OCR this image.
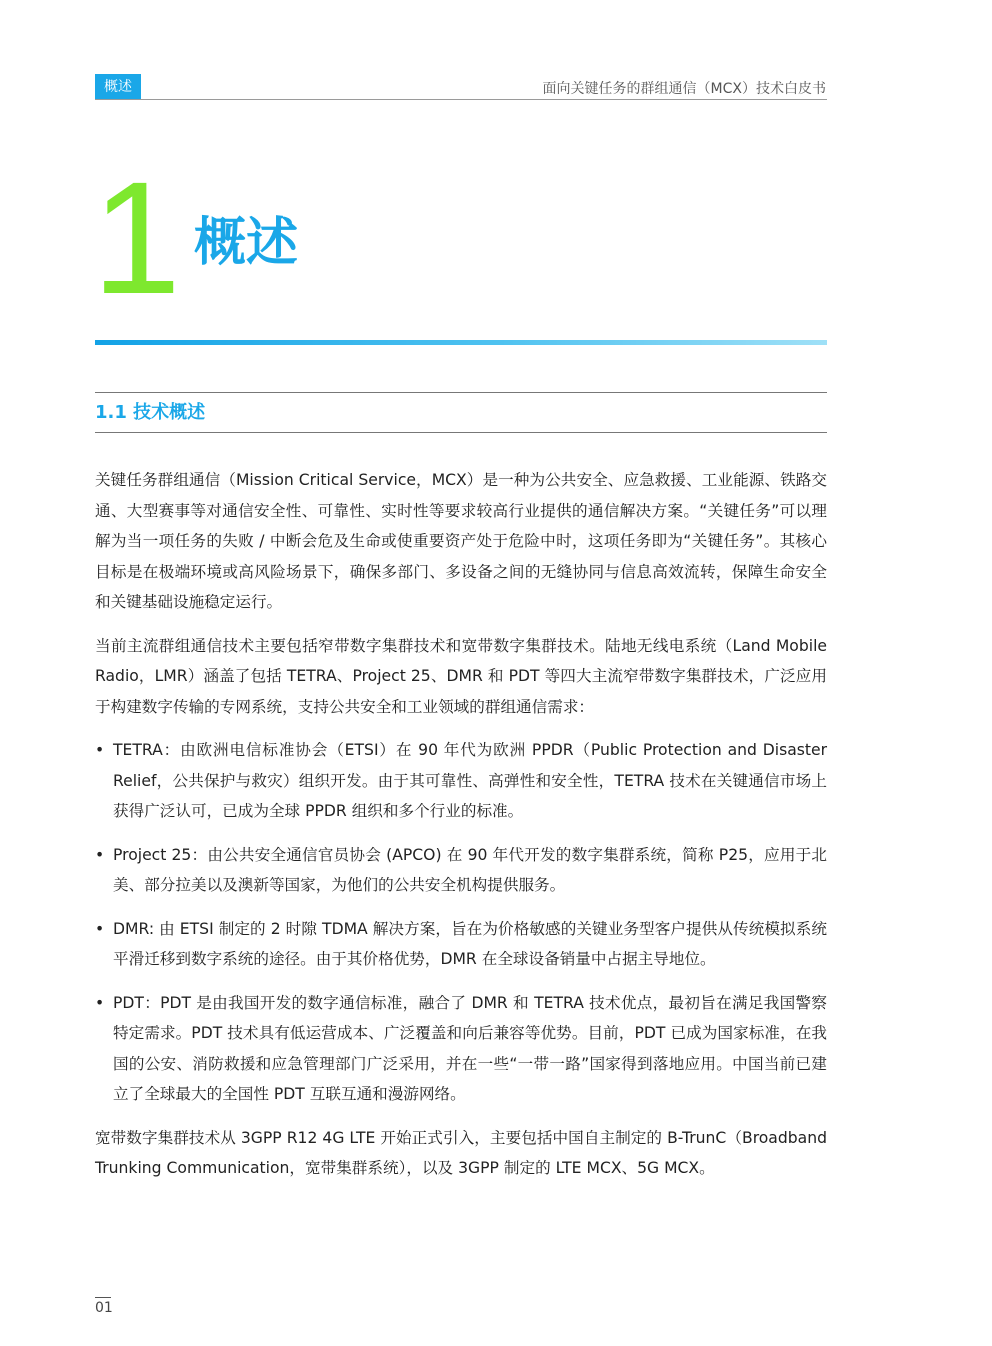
概述	面向关键任务的群组通信（MCX）技术白皮书
1 概述
1.1 技术概述

关键任务群组通信（Mission Critical Service，MCX）是一种为公共安全、应急救援、工业能源、铁路交通、大型赛事等对通信安全性、可靠性、实时性等要求较高行业提供的通信解决方案。“关键任务”可以理解为当一项任务的失败 / 中断会危及生命或使重要资产处于危险中时，这项任务即为“关键任务”。其核心目标是在极端环境或高风险场景下，确保多部门、多设备之间的无缝协同与信息高效流转，保障生命安全和关键基础设施稳定运行。

当前主流群组通信技术主要包括窄带数字集群技术和宽带数字集群技术。陆地无线电系统（Land Mobile Radio，LMR）涵盖了包括 TETRA、Project 25、DMR 和 PDT 等四大主流窄带数字集群技术，广泛应用于构建数字传输的专网系统，支持公共安全和工业领域的群组通信需求：

• TETRA：由欧洲电信标准协会（ETSI）在 90 年代为欧洲 PPDR（Public Protection and Disaster Relief，公共保护与救灾）组织开发。由于其可靠性、高弹性和安全性，TETRA 技术在关键通信市场上获得广泛认可，已成为全球 PPDR 组织和多个行业的标准。
• Project 25：由公共安全通信官员协会 (APCO) 在 90 年代开发的数字集群系统，简称 P25，应用于北美、部分拉美以及澳新等国家，为他们的公共安全机构提供服务。
• DMR: 由 ETSI 制定的 2 时隙 TDMA 解决方案，旨在为价格敏感的关键业务型客户提供从传统模拟系统平滑迁移到数字系统的途径。由于其价格优势，DMR 在全球设备销量中占据主导地位。
• PDT：PDT 是由我国开发的数字通信标准，融合了 DMR 和 TETRA 技术优点，最初旨在满足我国警察特定需求。PDT 技术具有低运营成本、广泛覆盖和向后兼容等优势。目前，PDT 已成为国家标准，在我国的公安、消防救援和应急管理部门广泛采用，并在一些“一带一路”国家得到落地应用。中国当前已建立了全球最大的全国性 PDT 互联互通和漫游网络。

宽带数字集群技术从 3GPP R12 4G LTE 开始正式引入，主要包括中国自主制定的 B-TrunC（Broadband Trunking Communication，宽带集群系统），以及 3GPP 制定的 LTE MCX、5G MCX。

01
